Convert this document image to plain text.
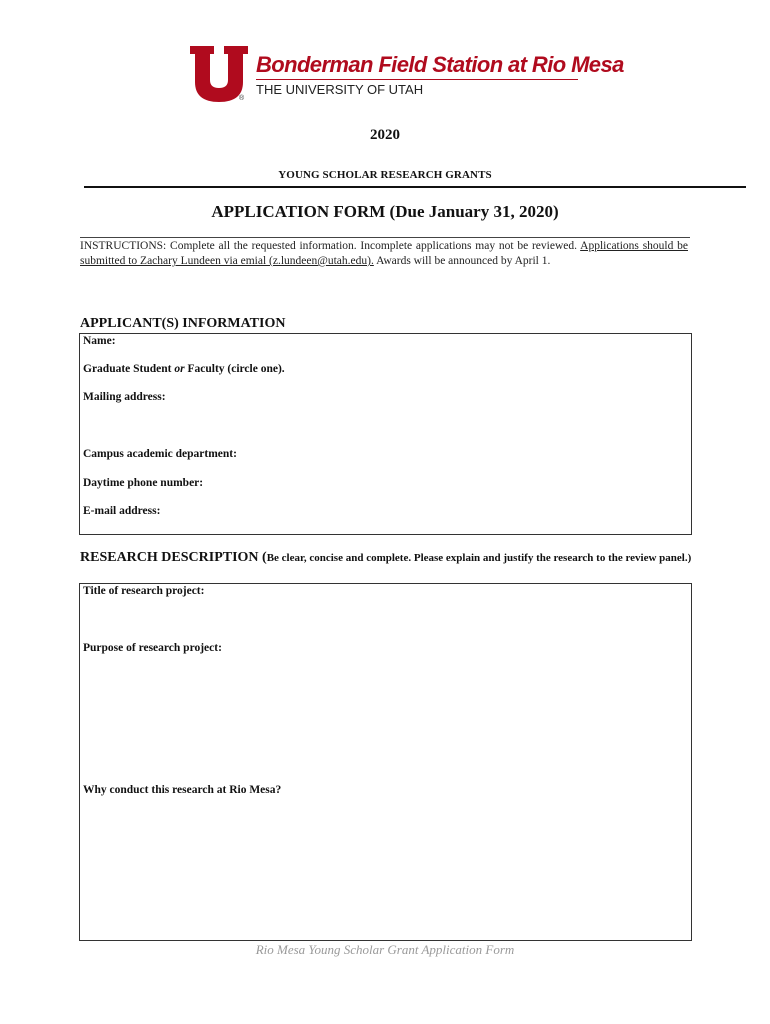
®
Bonderman Field Station at Rio Mesa
THE UNIVERSITY OF UTAH
2020
YOUNG SCHOLAR RESEARCH GRANTS
APPLICATION FORM (Due January 31, 2020)
INSTRUCTIONS: Complete all the requested information. Incomplete applications may not be reviewed. Applications should be submitted to Zachary Lundeen via emial (z.lundeen@utah.edu). Awards will be announced by April 1.
APPLICANT(S) INFORMATION
Name:
Graduate Student or Faculty (circle one).
Mailing address:
Campus academic department:
Daytime phone number:
E-mail address:
RESEARCH DESCRIPTION (Be clear, concise and complete. Please explain and justify the research to the review panel.)
Title of research project:
Purpose of research project:
Why conduct this research at Rio Mesa?
Rio Mesa Young Scholar Grant Application Form
